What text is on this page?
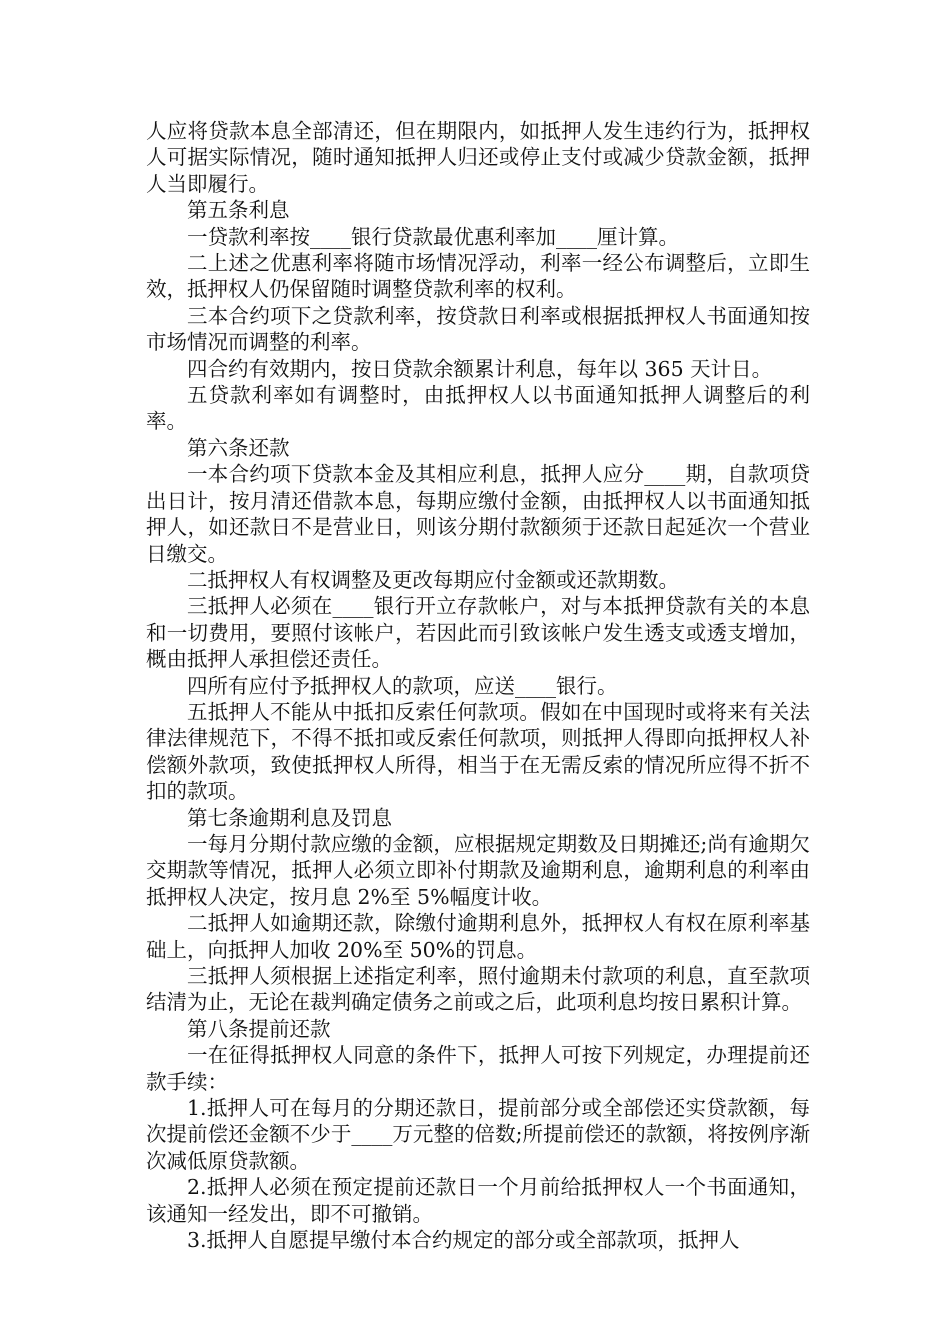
人应将贷款本息全部清还，但在期限内，如抵押人发生违约行为，抵押权人可据实际情况，随时通知抵押人归还或停止支付或减少贷款金额，抵押人当即履行。

第五条利息

一贷款利率按____银行贷款最优惠利率加____厘计算。

二上述之优惠利率将随市场情况浮动，利率一经公布调整后，立即生效，抵押权人仍保留随时调整贷款利率的权利。

三本合约项下之贷款利率，按贷款日利率或根据抵押权人书面通知按市场情况而调整的利率。

四合约有效期内，按日贷款余额累计利息，每年以 365 天计日。

五贷款利率如有调整时，由抵押权人以书面通知抵押人调整后的利率。

第六条还款

一本合约项下贷款本金及其相应利息，抵押人应分____期，自款项贷出日计，按月清还借款本息，每期应缴付金额，由抵押权人以书面通知抵押人，如还款日不是营业日，则该分期付款额须于还款日起延次一个营业日缴交。

二抵押权人有权调整及更改每期应付金额或还款期数。

三抵押人必须在____银行开立存款帐户，对与本抵押贷款有关的本息和一切费用，要照付该帐户，若因此而引致该帐户发生透支或透支增加，概由抵押人承担偿还责任。

四所有应付予抵押权人的款项，应送____银行。

五抵押人不能从中抵扣反索任何款项。假如在中国现时或将来有关法律法律规范下，不得不抵扣或反索任何款项，则抵押人得即向抵押权人补偿额外款项，致使抵押权人所得，相当于在无需反索的情况所应得不折不扣的款项。

第七条逾期利息及罚息

一每月分期付款应缴的金额，应根据规定期数及日期摊还;尚有逾期欠交期款等情况，抵押人必须立即补付期款及逾期利息，逾期利息的利率由抵押权人决定，按月息 2%至 5%幅度计收。

二抵押人如逾期还款，除缴付逾期利息外，抵押权人有权在原利率基础上，向抵押人加收 20%至 50%的罚息。

三抵押人须根据上述指定利率，照付逾期未付款项的利息，直至款项结清为止，无论在裁判确定债务之前或之后，此项利息均按日累积计算。

第八条提前还款

一在征得抵押权人同意的条件下，抵押人可按下列规定，办理提前还款手续：

1.抵押人可在每月的分期还款日，提前部分或全部偿还实贷款额，每次提前偿还金额不少于____万元整的倍数;所提前偿还的款额，将按例序渐次减低原贷款额。

2.抵押人必须在预定提前还款日一个月前给抵押权人一个书面通知，该通知一经发出，即不可撤销。

3.抵押人自愿提早缴付本合约规定的部分或全部款项，抵押人
